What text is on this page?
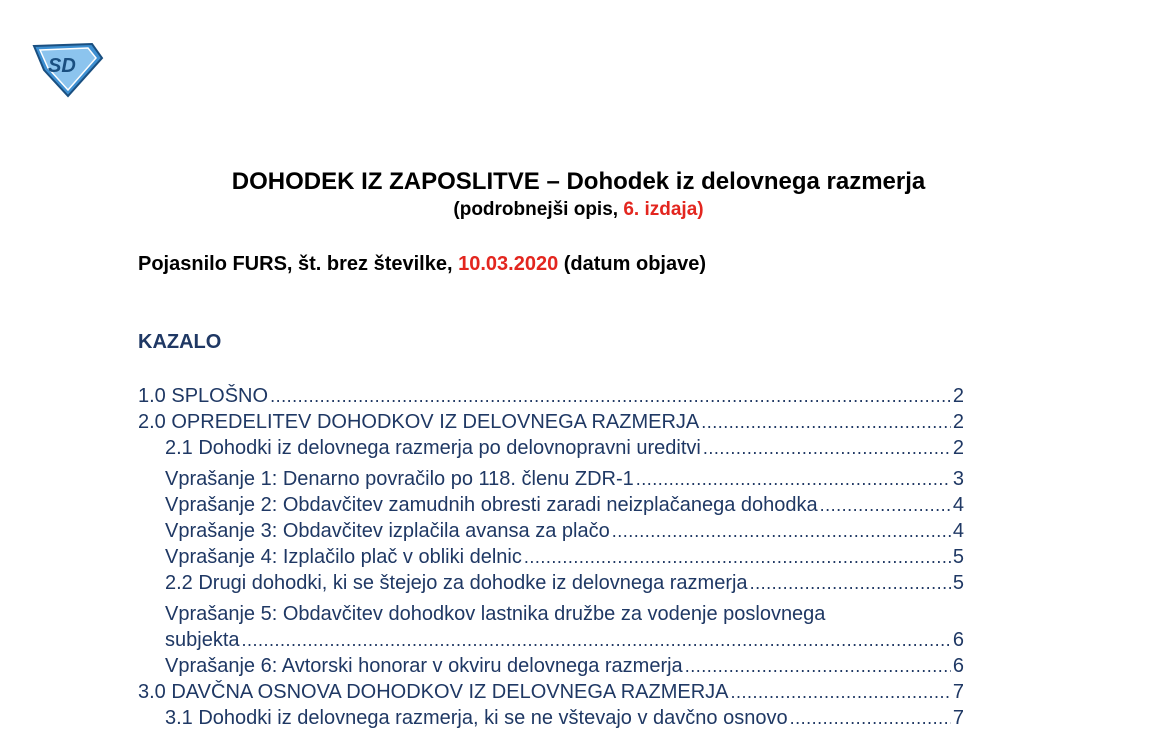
SD
DOHODEK IZ ZAPOSLITVE – Dohodek iz delovnega razmerja
(podrobnejši opis, 6. izdaja)
Pojasnilo FURS, št. brez številke, 10.03.2020 (datum objave)
KAZALO
1.0 SPLOŠNO .....	2
2.0 OPREDELITEV DOHODKOV IZ DELOVNEGA RAZMERJA .....	2
2.1 Dohodki iz delovnega razmerja po delovnopravni ureditvi .....	2
Vprašanje 1: Denarno povračilo po 118. členu ZDR-1 .....	3
Vprašanje 2: Obdavčitev zamudnih obresti zaradi neizplačanega dohodka .....	4
Vprašanje 3: Obdavčitev izplačila avansa za plačo .....	4
Vprašanje 4: Izplačilo plač v obliki delnic .....	5
2.2 Drugi dohodki, ki se štejejo za dohodke iz delovnega razmerja .....	5
Vprašanje 5: Obdavčitev dohodkov lastnika družbe za vodenje poslovnega
subjekta .....	6
Vprašanje 6: Avtorski honorar v okviru delovnega razmerja .....	6
3.0 DAVČNA OSNOVA DOHODKOV IZ DELOVNEGA RAZMERJA .....	7
3.1 Dohodki iz delovnega razmerja, ki se ne vštevajo v davčno osnovo .....	7
